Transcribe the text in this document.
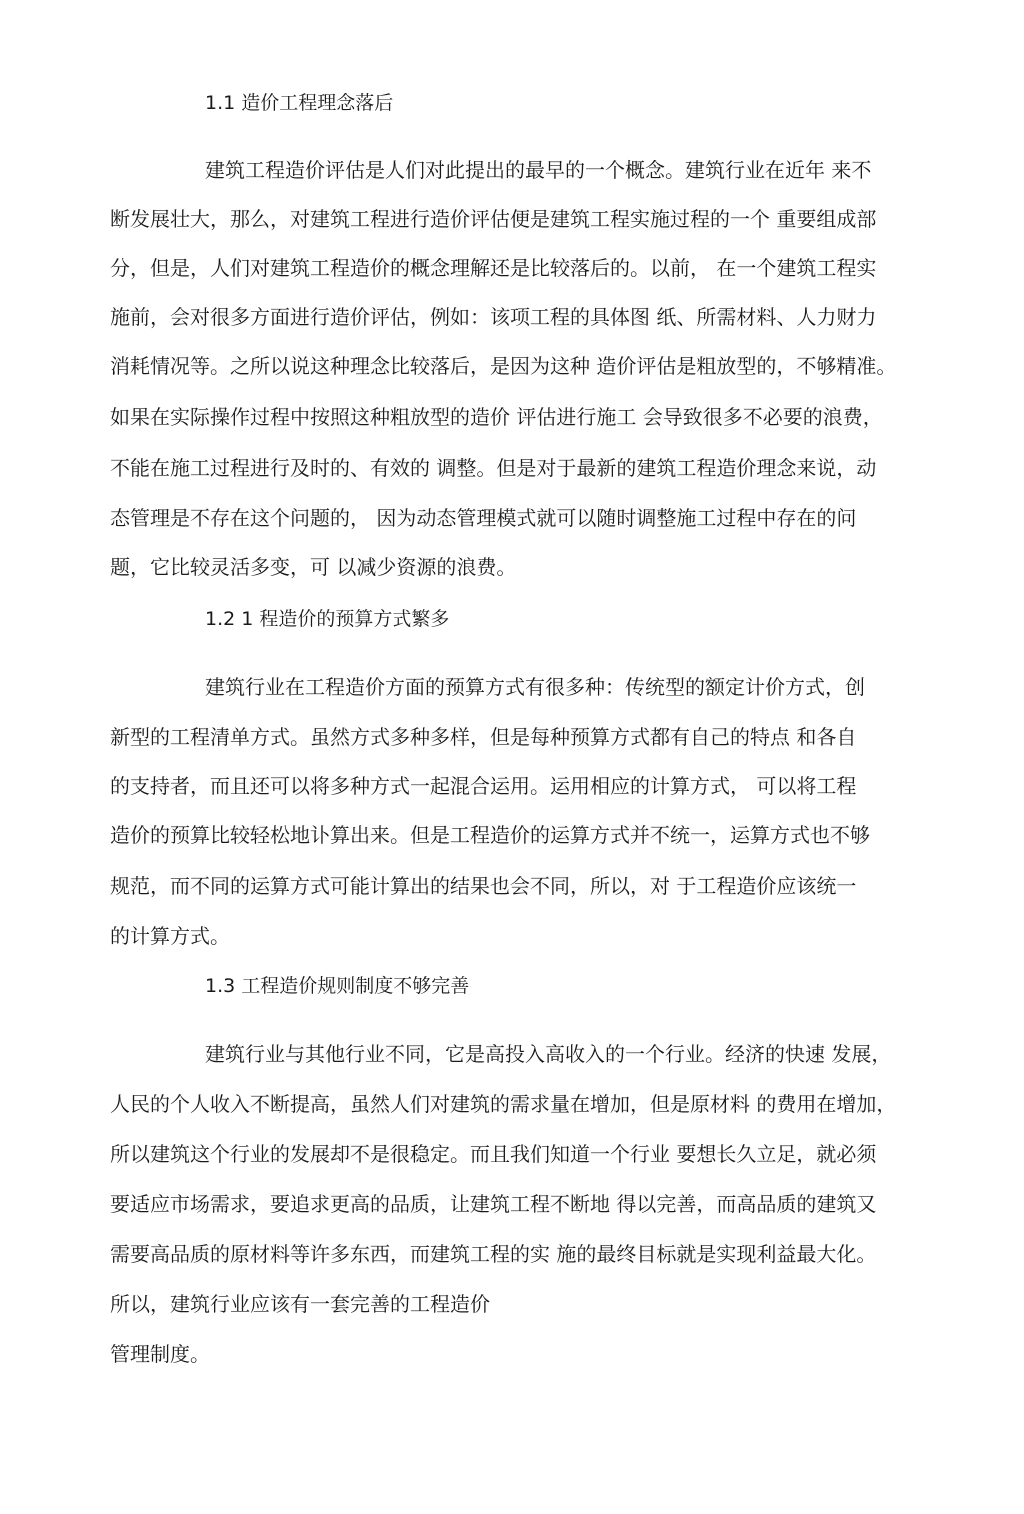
1.1 造价工程理念落后
建筑工程造价评估是人们对此提出的最早的一个概念。建筑行业在近年 来不
断发展壮大，那么，对建筑工程进行造价评估便是建筑工程实施过程的一个 重要组成部
分，但是，人们对建筑工程造价的概念理解还是比较落后的。以前， 在一个建筑工程实
施前，会对很多方面进行造价评估，例如：该项工程的具体图 纸、所需材料、人力财力
消耗情况等。之所以说这种理念比较落后，是因为这种 造价评估是粗放型的，不够精准。
如果在实际操作过程中按照这种粗放型的造价 评估进行施工 会导致很多不必要的浪费，
不能在施工过程进行及时的、有效的 调整。但是对于最新的建筑工程造价理念来说，动
态管理是不存在这个问题的， 因为动态管理模式就可以随时调整施工过程中存在的问
题，它比较灵活多变，可 以减少资源的浪费。
1.2 1 程造价的预算方式繁多
建筑行业在工程造价方面的预算方式有很多种：传统型的额定计价方式，创
新型的工程清单方式。虽然方式多种多样，但是每种预算方式都有自己的特点 和各自
的支持者，而且还可以将多种方式一起混合运用。运用相应的计算方式， 可以将工程
造价的预算比较轻松地讣算出来。但是工程造价的运算方式并不统一，运算方式也不够
规范，而不同的运算方式可能计算出的结果也会不同，所以，对 于工程造价应该统一
的计算方式。
1.3 工程造价规则制度不够完善
建筑行业与其他行业不同，它是高投入高收入的一个行业。经济的快速 发展，
人民的个人收入不断提高，虽然人们对建筑的需求量在增加，但是原材料 的费用在增加，
所以建筑这个行业的发展却不是很稳定。而且我们知道一个行业 要想长久立足，就必须
要适应市场需求，要追求更高的品质，让建筑工程不断地 得以完善，而高品质的建筑又
需要高品质的原材料等许多东西，而建筑工程的实 施的最终目标就是实现利益最大化。
所以，建筑行业应该有一套完善的工程造价
管理制度。
